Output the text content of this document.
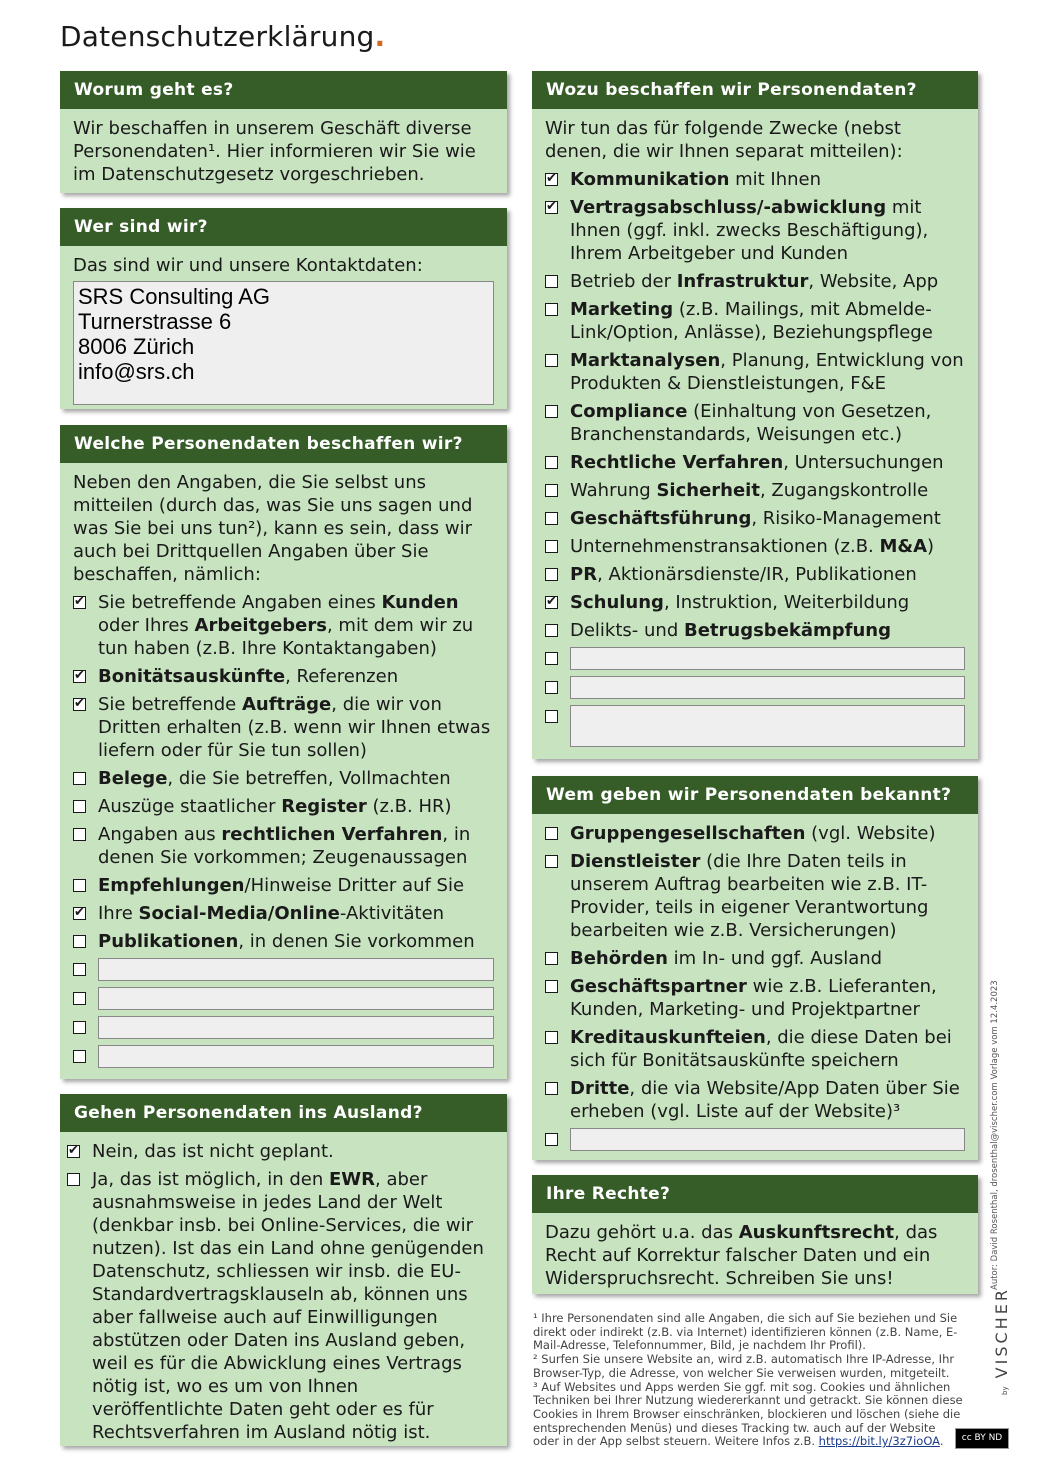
Datenschutzerklärung.
Worum geht es?

Wir beschaffen in unserem Geschäft diverse Personendaten¹. Hier informieren wir Sie wie im Datenschutzgesetz vorgeschrieben.

Wer sind wir?

Das sind wir und unsere Kontaktdaten:

SRS Consulting AG
Turnerstrasse 6
8006 Zürich
info@srs.ch
Welche Personendaten beschaffen wir?

Neben den Angaben, die Sie selbst uns mitteilen (durch das, was Sie uns sagen und was Sie bei uns tun²), kann es sein, dass wir auch bei Drittquellen Angaben über Sie beschaffen, nämlich:

✔ Sie betreffende Angaben eines Kunden oder Ihres Arbeitgebers, mit dem wir zu tun haben (z.B. Ihre Kontaktangaben)
✔ Bonitätsauskünfte, Referenzen
✔ Sie betreffende Aufträge, die wir von Dritten erhalten (z.B. wenn wir Ihnen etwas liefern oder für Sie tun sollen)
Belege, die Sie betreffen, Vollmachten
Auszüge staatlicher Register (z.B. HR)
Angaben aus rechtlichen Verfahren, in denen Sie vorkommen; Zeugenaussagen
Empfehlungen/Hinweise Dritter auf Sie
✔ Ihre Social-Media/Online-Aktivitäten
Publikationen, in denen Sie vorkommen
Gehen Personendaten ins Ausland?
✔ Nein, das ist nicht geplant.
Ja, das ist möglich, in den EWR, aber ausnahmsweise in jedes Land der Welt (denkbar insb. bei Online-Services, die wir nutzen). Ist das ein Land ohne genügenden Datenschutz, schliessen wir insb. die EU-Standardvertragsklauseln ab, können uns aber fallweise auch auf Einwilligungen abstützen oder Daten ins Ausland geben, weil es für die Abwicklung eines Vertrags nötig ist, wo es um von Ihnen veröffentlichte Daten geht oder es für Rechtsverfahren im Ausland nötig ist.
Wozu beschaffen wir Personendaten?

Wir tun das für folgende Zwecke (nebst denen, die wir Ihnen separat mitteilen):

✔ Kommunikation mit Ihnen
✔ Vertragsabschluss/-abwicklung mit Ihnen (ggf. inkl. zwecks Beschäftigung), Ihrem Arbeitgeber und Kunden
Betrieb der Infrastruktur, Website, App
Marketing (z.B. Mailings, mit Abmelde-Link/Option, Anlässe), Beziehungspflege
Marktanalysen, Planung, Entwicklung von Produkten & Dienstleistungen, F&E
Compliance (Einhaltung von Gesetzen, Branchenstandards, Weisungen etc.)
Rechtliche Verfahren, Untersuchungen
Wahrung Sicherheit, Zugangskontrolle
Geschäftsführung, Risiko-Management
Unternehmenstransaktionen (z.B. M&A)
PR, Aktionärsdienste/IR, Publikationen
✔ Schulung, Instruktion, Weiterbildung
Delikts- und Betrugsbekämpfung
Wem geben wir Personendaten bekannt?
Gruppengesellschaften (vgl. Website)
Dienstleister (die Ihre Daten teils in unserem Auftrag bearbeiten wie z.B. IT-Provider, teils in eigener Verantwortung bearbeiten wie z.B. Versicherungen)
Behörden im In- und ggf. Ausland
Geschäftspartner wie z.B. Lieferanten, Kunden, Marketing- und Projektpartner
Kreditauskunfteien, die diese Daten bei sich für Bonitätsauskünfte speichern
Dritte, die via Website/App Daten über Sie erheben (vgl. Liste auf der Website)³
Ihre Rechte?

Dazu gehört u.a. das Auskunftsrecht, das Recht auf Korrektur falscher Daten und ein Widerspruchsrecht. Schreiben Sie uns!

¹ Ihre Personendaten sind alle Angaben, die sich auf Sie beziehen und Sie direkt oder indirekt (z.B. via Internet) identifizieren können (z.B. Name, E-Mail-Adresse, Telefonnummer, Bild, je nachdem Ihr Profil).

² Surfen Sie unsere Website an, wird z.B. automatisch Ihre IP-Adresse, Ihr Browser-Typ, die Adresse, von welcher Sie verweisen wurden, mitgeteilt.

³ Auf Websites und Apps werden Sie ggf. mit sog. Cookies und ähnlichen Techniken bei Ihrer Nutzung wiedererkannt und getrackt. Sie können diese Cookies in Ihrem Browser einschränken, blockieren und löschen (siehe die entsprechenden Menüs) und dieses Tracking tw. auch auf der Website oder in der App selbst steuern. Weitere Infos z.B. https://bit.ly/3z7ioOA.

Autor: David Rosenthal, drosenthal@vischer.com Vorlage vom 12.4.2023
by VISCHER
cc BY ND
